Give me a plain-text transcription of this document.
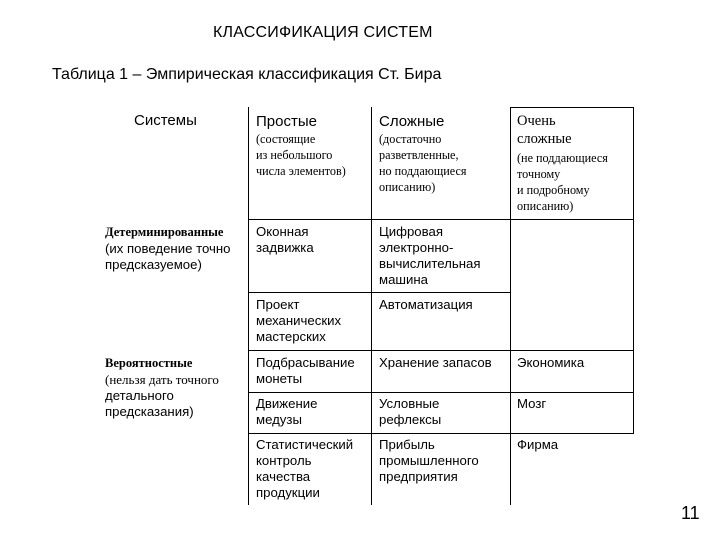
КЛАССИФИКАЦИЯ СИСТЕМ
Таблица 1 – Эмпирическая классификация Ст. Бира
Системы	Простые
(состоящие
из небольшого
числа элементов)
Сложные
(достаточно
разветвленные,
но поддающиеся
описанию)
Очень
сложные
(не поддающиеся
точному
и подробному
описанию)
Детерминированные
(их поведение точно
предсказуемое)
Оконная
задвижка
Цифровая
электронно-
вычислительная
машина
Проект
механических
мастерских
Автоматизация
Вероятностные
(нельзя дать точного
детального
предсказания)
Подбрасывание
монеты
Хранение запасов Экономика
Движение
медузы
Условные
рефлексы
Мозг
Статистический
контроль
качества
продукции
Прибыль
промышленного
предприятия
Фирма
11
